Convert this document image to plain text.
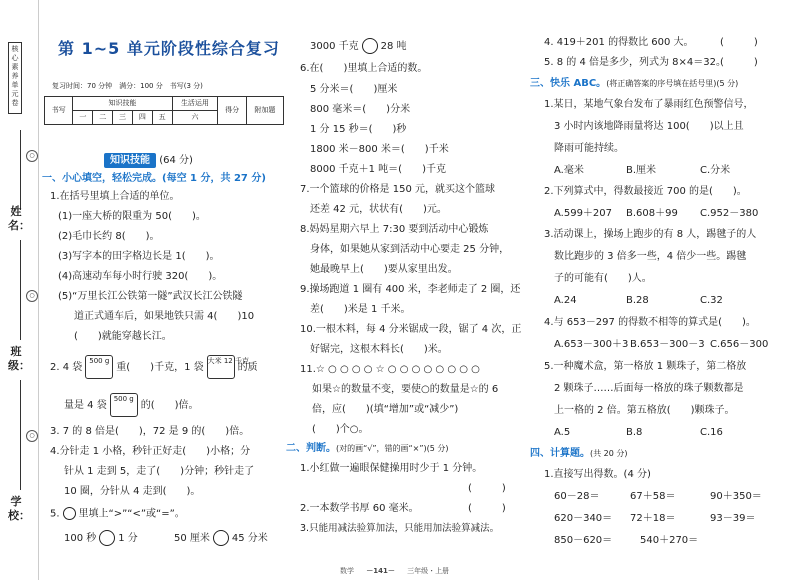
核心素养 单元卷
姓名：
○
○
○
班级：
学校：
第 1~5 单元阶段性综合复习
复习时间：70 分钟　满分：100 分　书写(3 分)
书写	知识技能					生活运用	得分	附加题
	一	二	三	四	五	六		
知识技能 (64 分)
一、小心填空，轻松完成。(每空 1 分，共 27 分)
1.在括号里填上合适的单位。
(1)一座大桥的限重为 50(　　)。
(2)毛巾长约 8(　　)。
(3)写字本的田字格边长是 1(　　)。
(4)高速动车每小时行驶 320(　　)。
(5)“万里长江公铁第一隧”武汉长江公铁隧
道正式通车后，如果地铁只需 4(　　)10
(　　)就能穿越长江。
2. 4 袋500 g重(　　)千克，1 袋大米 12 千克的质
量是 4 袋500 g的(　　)倍。
3. 7 的 8 倍是(　　)，72 是 9 的(　　)倍。
4.分针走 1 小格，秒针正好走(　　)小格；分
针从 1 走到 5，走了(　　)分钟；秒针走了
10 圈，分针从 4 走到(　　)。
5. 里填上“>”“<”或“=”。
100 秒 1 分	50 厘米 45 分米
3000 千克 28 吨
6.在(　　)里填上合适的数。
5 分米＝(　　)厘米
800 毫米＝(　　)分米
1 分 15 秒＝(　　)秒
1800 米－800 米＝(　　)千米
8000 千克＋1 吨＝(　　)千克
7.一个篮球的价格是 150 元，就买这个篮球
还差 42 元，状状有(　　)元。
8.妈妈星期六早上 7:30 要到活动中心锻炼
身体，如果她从家到活动中心要走 25 分钟，
她最晚早上(　　)要从家里出发。
9.操场跑道 1 圈有 400 米，李老师走了 2 圈，还
差(　　)米是 1 千米。
10.一根木料，每 4 分米锯成一段，锯了 4 次，正
好锯完，这根木料长(　　)米。
11.☆ ○ ○ ○ ○ ☆ ○ ○ ○ ○ ○ ○ ○ ○
如果☆的数量不变，要使○的数量是☆的 6
倍，应(　　)(填“增加”或“减少”)
(　　)个○。
二、判断。(对的画“√”，错的画“×”)(5 分)
1.小红做一遍眼保健操用时少于 1 分钟。
(　　　)
2.一本数学书厚 60 毫米。	(　　　)
3.只能用减法验算加法，只能用加法验算减法。
4. 419＋201 的得数比 600 大。	(　　　)
5. 8 的 4 倍是多少，列式为 8×4＝32。
(　　　)
三、快乐 ABC。(将正确答案的序号填在括号里)(5 分)
1.某日，某地气象台发布了暴雨红色预警信号，
3 小时内该地降雨量将达 100(　　)以上且
降雨可能持续。
A.毫米	B.厘米	C.分米
2.下列算式中，得数最接近 700 的是(　　)。
A.599＋207 B.608＋99 C.952－380
3.活动课上，操场上跑步的有 8 人，踢毽子的人
数比跑步的 3 倍多一些，4 倍少一些。踢毽
子的可能有(　　)人。
A.24	B.28	C.32
4.与 653－297 的得数不相等的算式是(　　)。
A.653－300＋3 B.653－300－3 C.656－300
5.一种魔术盒，第一格放 1 颗珠子，第二格放
2 颗珠子……后面每一格放的珠子颗数都是
上一格的 2 倍。第五格放(　　)颗珠子。
A.5	B.8	C.16
四、计算题。(共 20 分)
1.直接写出得数。(4 分)
60－28＝	67＋58＝	90＋350＝
620－340＝ 72＋18＝	93－39＝
850－620＝	540＋270＝
数学 －141－ 三年级・上册
